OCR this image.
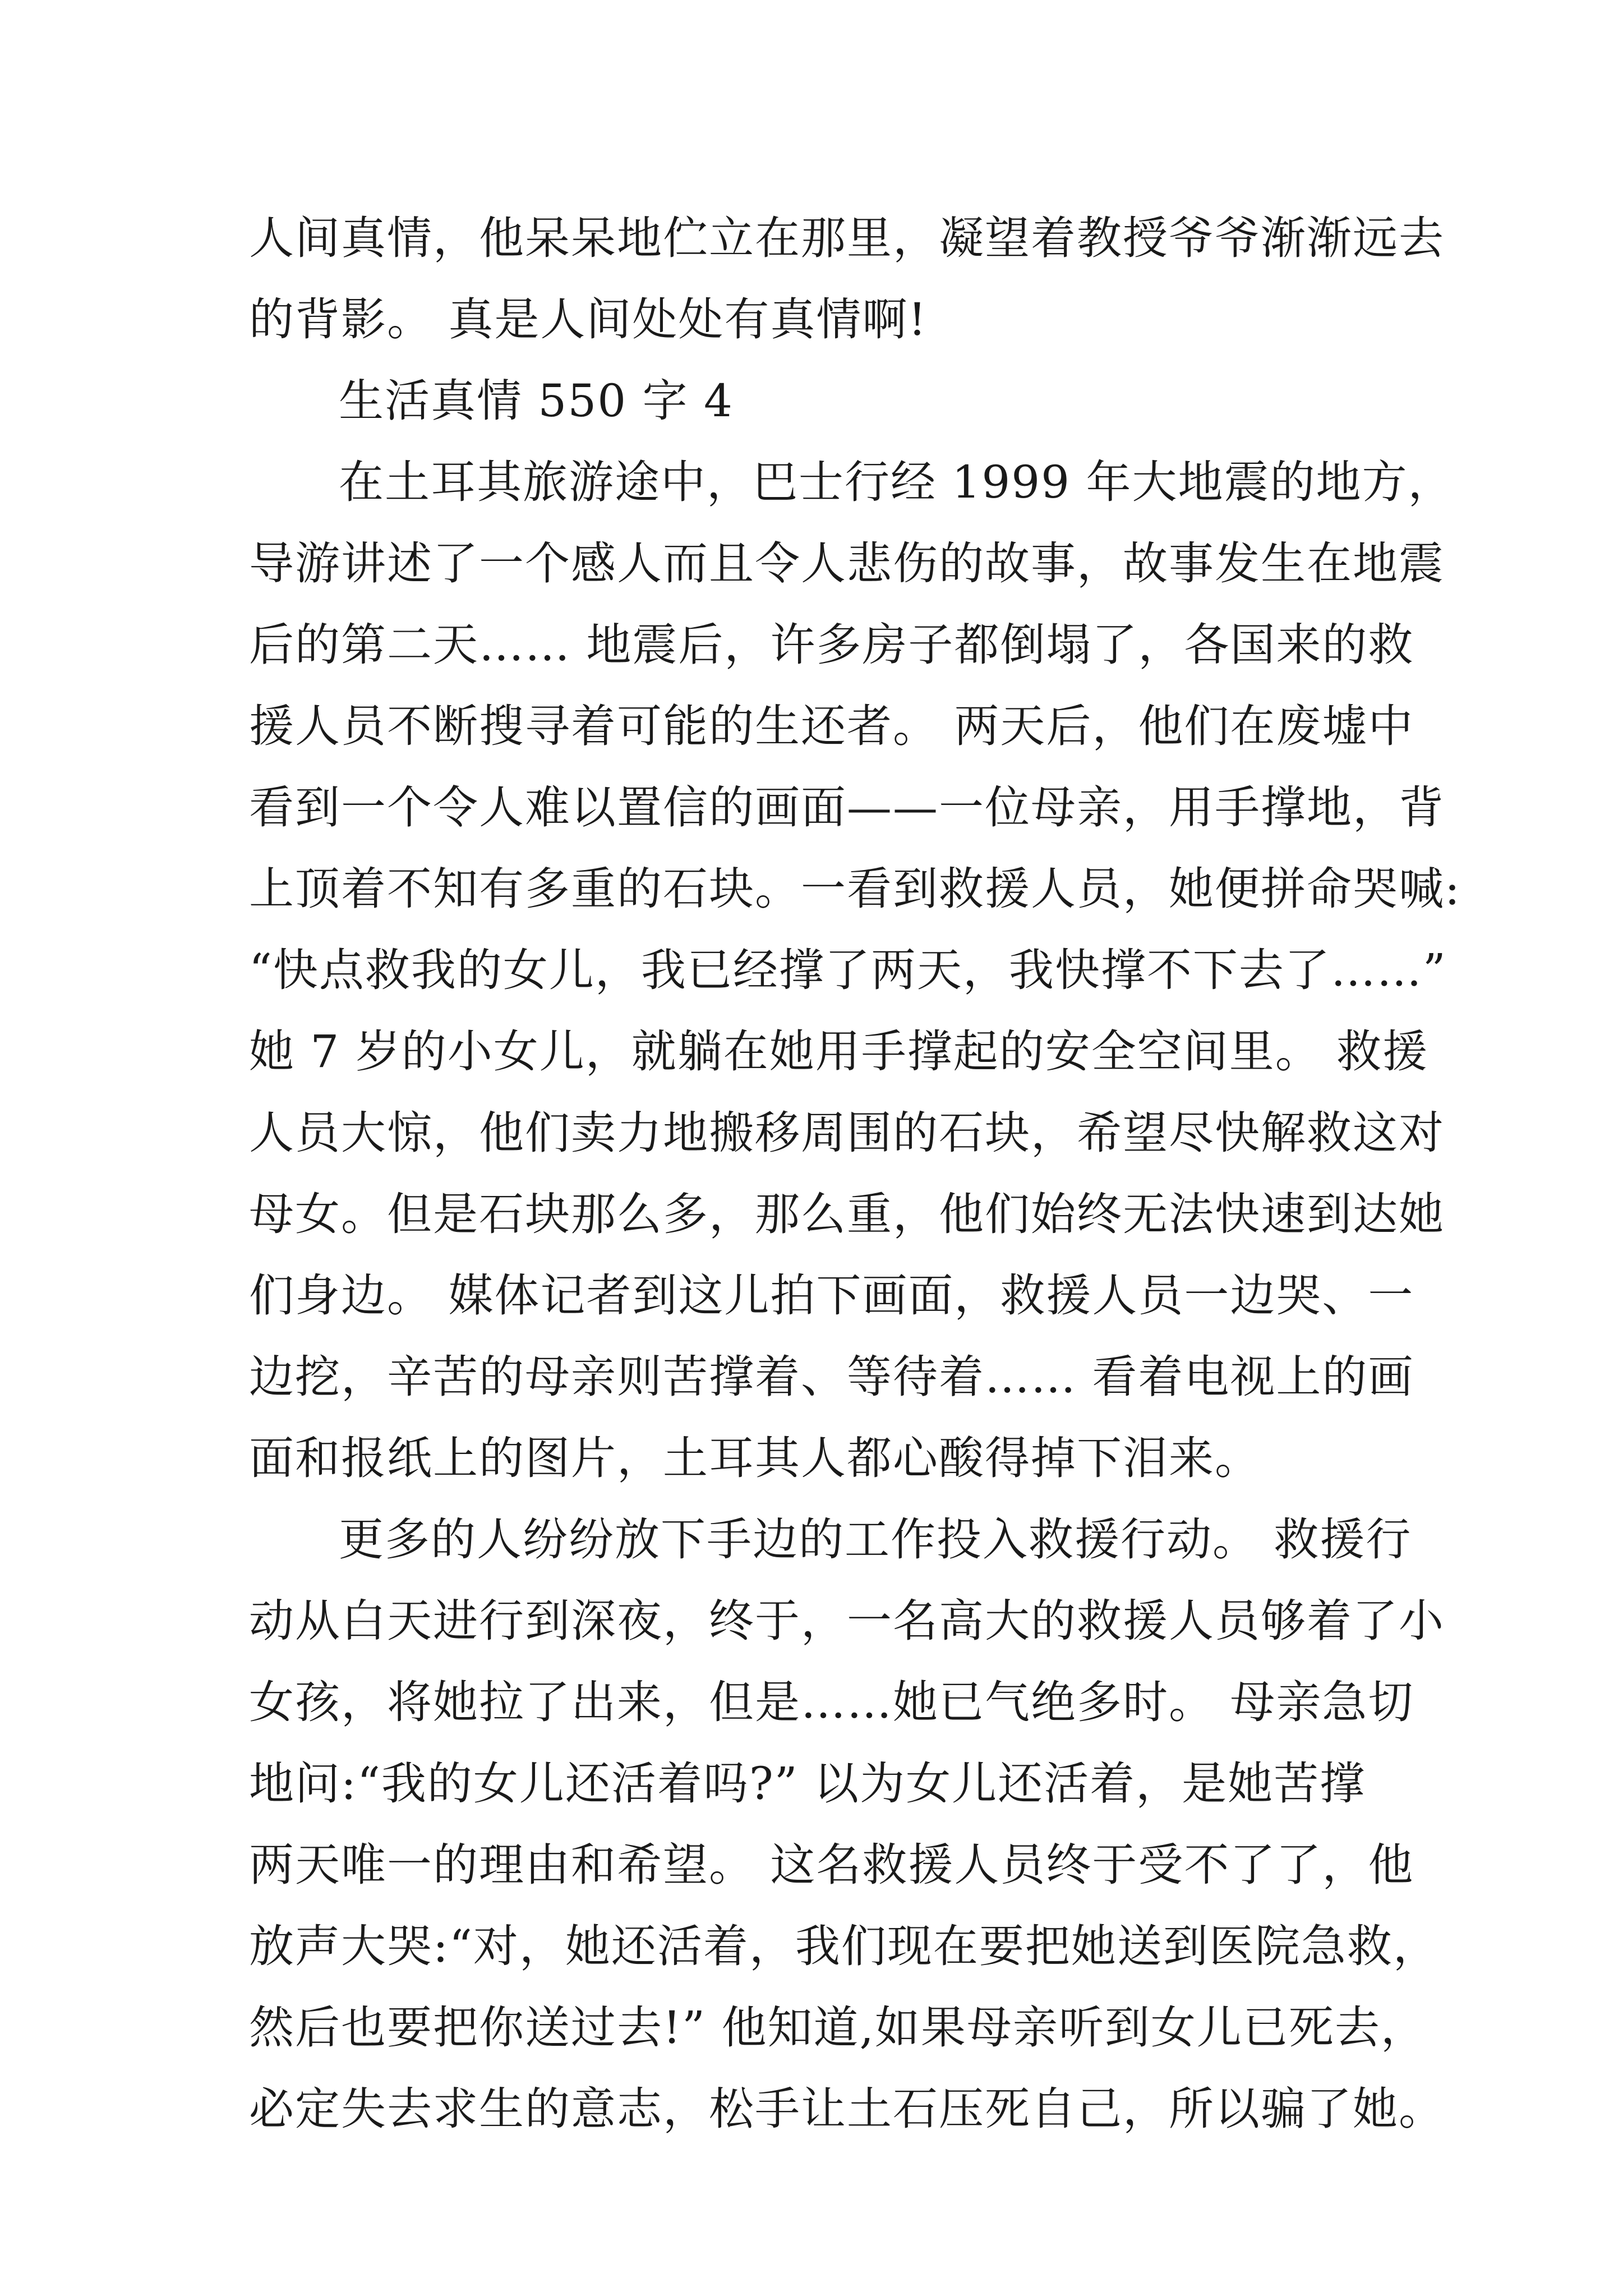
人间真情，他呆呆地伫立在那里，凝望着教授爷爷渐渐远去
的背影。 真是人间处处有真情啊!
生活真情 550 字 4
在土耳其旅游途中，巴士行经 1999 年大地震的地方，
导游讲述了一个感人而且令人悲伤的故事，故事发生在地震
后的第二天…… 地震后，许多房子都倒塌了，各国来的救
援人员不断搜寻着可能的生还者。 两天后，他们在废墟中
看到一个令人难以置信的画面——一位母亲，用手撑地，背
上顶着不知有多重的石块。一看到救援人员，她便拼命哭喊:
“快点救我的女儿，我已经撑了两天，我快撑不下去了……”
她 7 岁的小女儿，就躺在她用手撑起的安全空间里。 救援
人员大惊，他们卖力地搬移周围的石块，希望尽快解救这对
母女。但是石块那么多，那么重，他们始终无法快速到达她
们身边。 媒体记者到这儿拍下画面，救援人员一边哭、一
边挖，辛苦的母亲则苦撑着、等待着…… 看着电视上的画
面和报纸上的图片，土耳其人都心酸得掉下泪来。
更多的人纷纷放下手边的工作投入救援行动。 救援行
动从白天进行到深夜，终于，一名高大的救援人员够着了小
女孩，将她拉了出来，但是……她已气绝多时。 母亲急切
地问:“我的女儿还活着吗?” 以为女儿还活着，是她苦撑
两天唯一的理由和希望。 这名救援人员终于受不了了，他
放声大哭:“对，她还活着，我们现在要把她送到医院急救，
然后也要把你送过去!” 他知道,如果母亲听到女儿已死去，
必定失去求生的意志，松手让土石压死自己，所以骗了她。
